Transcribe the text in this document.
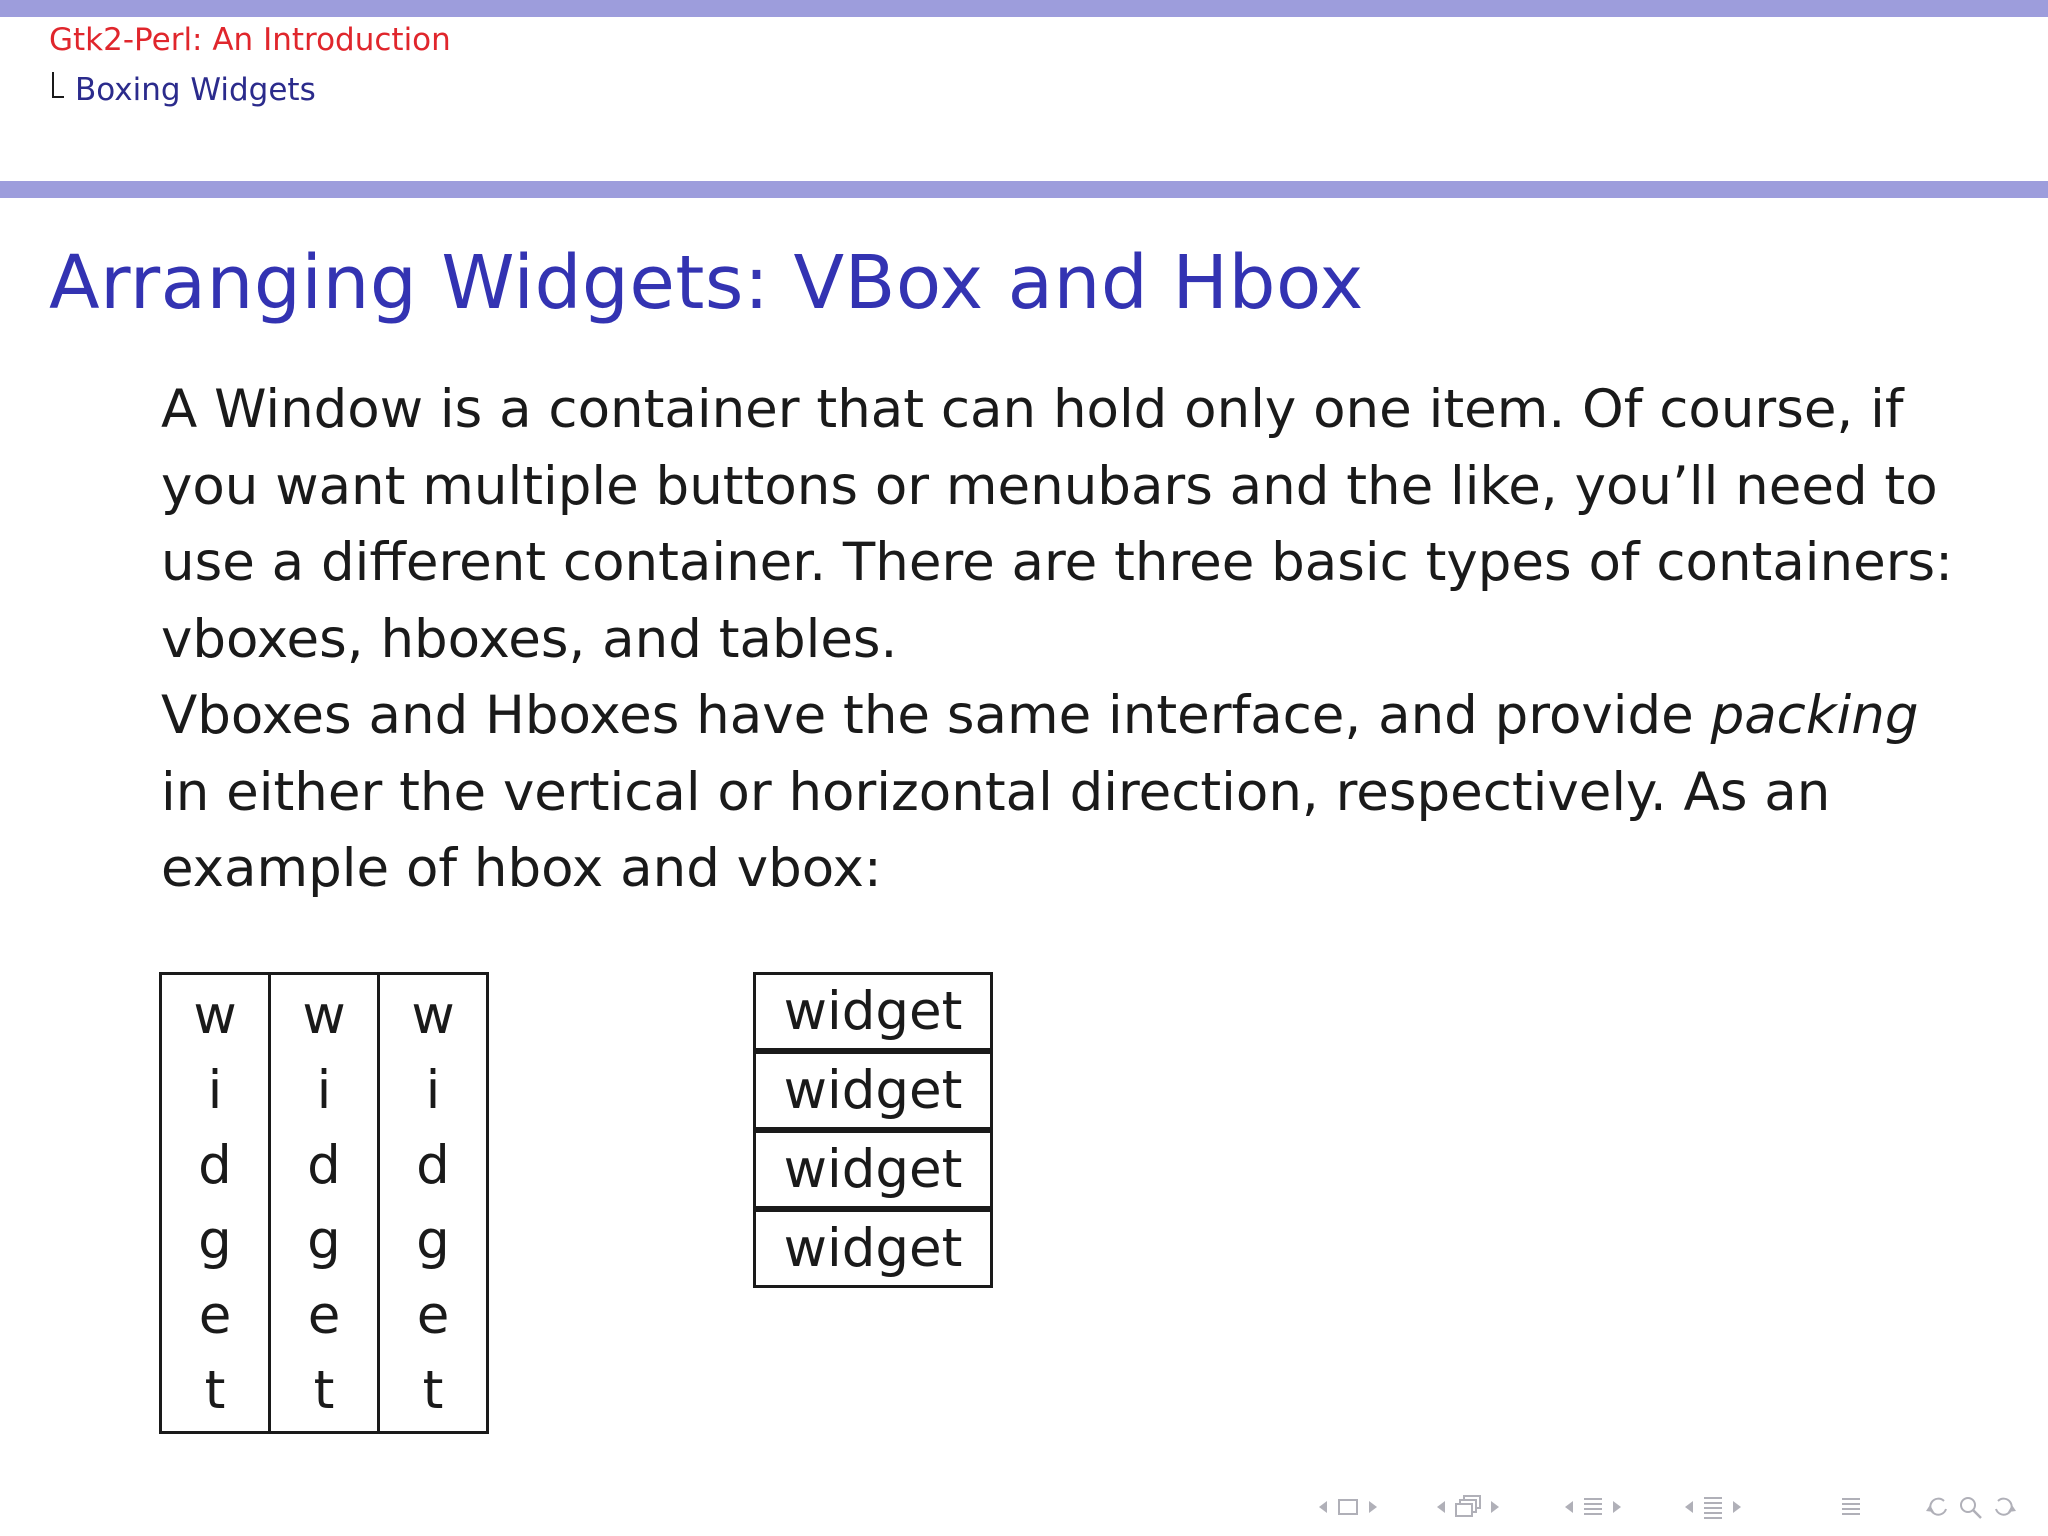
Gtk2-Perl: An Introduction
Boxing Widgets
Arranging Widgets: VBox and Hbox

A Window is a container that can hold only one item. Of course, if
you want multiple buttons or menubars and the like, you’ll need to
use a different container. There are three basic types of containers:
vboxes, hboxes, and tables.

Vboxes and Hboxes have the same interface, and provide packing
in either the vertical or horizontal direction, respectively. As an
example of hbox and vbox:

w
i
d
g
e
t
w
i
d
g
e
t
w
i
d
g
e
t
widget
widget
widget
widget
